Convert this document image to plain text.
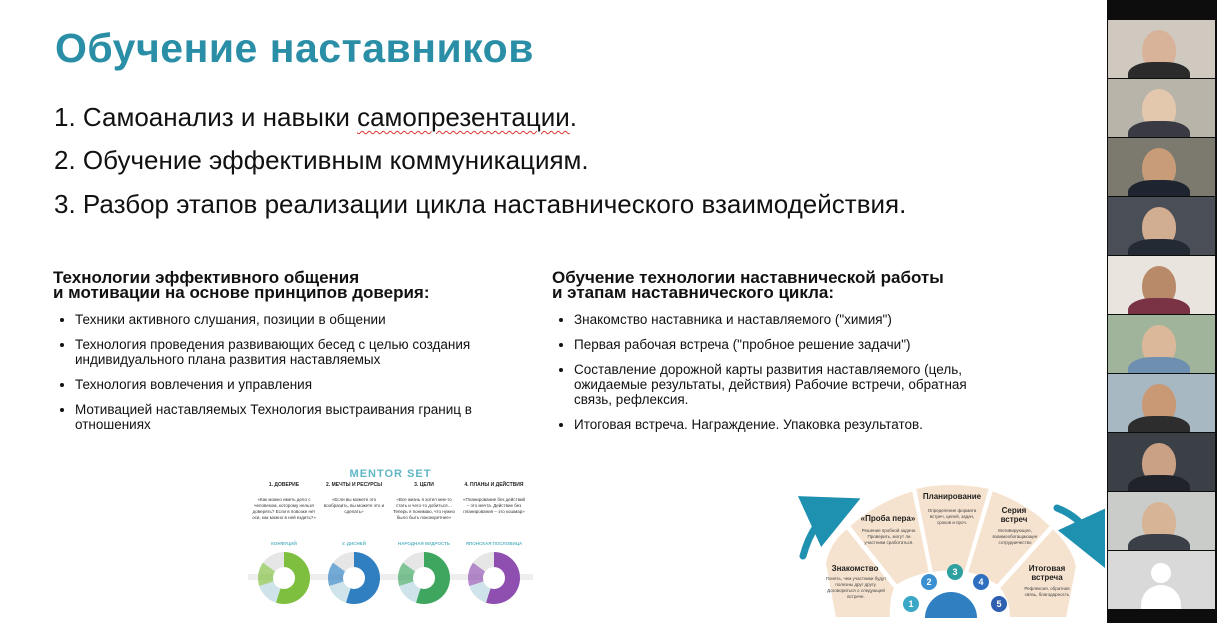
Обучение наставников
1. Самоанализ и навыки самопрезентации.
2. Обучение эффективным коммуникациям.
3. Разбор этапов реализации цикла наставнического взаимодействия.
Технологии эффективного общения
и мотивации на основе принципов доверия:
• Техники активного слушания, позиции в общении
• Технология проведения развивающих бесед с целью создания
индивидуального плана развития наставляемых
• Технология вовлечения и управления
• Мотивацией наставляемых Технология выстраивания границ в
отношениях
Обучение технологии наставнической работы
и этапам наставнического цикла:
• Знакомство наставника и наставляемого ("химия")
• Первая рабочая встреча ("пробное решение задачи")
• Составление дорожной карты развития наставляемого (цель,
ожидаемые результаты, действия) Рабочие встречи, обратная
связь, рефлексия.
• Итоговая встреча. Награждение. Упаковка результатов.
MENTOR SET
1. ДОВЕРИЕ
«Как можно иметь дело с человеком, которому нельзя доверять? Если в повозке нет оси, как можно в ней ездить?»
КОНФУЦИЙ
2. МЕЧТЫ И РЕСУРСЫ
«Если вы можете это вообразить, вы можете это и сделать»
У. ДИСНЕЙ
3. ЦЕЛИ
«Все жизнь я хотел кем-то стать и чего-то добиться… Теперь я понимаю, что нужно было быть поконкретнее»
НАРОДНАЯ МУДРОСТЬ
4. ПЛАНЫ И ДЕЙСТВИЯ
«Планирование без действий – это мечта. Действие без планирования – это кошмар»
ЯПОНСКАЯ ПОСЛОВИЦА
Знакомство
Понять, чем участники будут полезны друг другу. Договориться о следующей встрече.
«Проба пера»
Решение пробной задачи. Проверить, могут ли участники сработаться.
Планирование
Определение формата встреч, целей, задач, сроков и проч.
Серия встреч
Мотивирующее, взаимообогащающее сотрудничество
Итоговая встреча
Рефлексия, обратная связь, благодарность
1
2
3
4
5
